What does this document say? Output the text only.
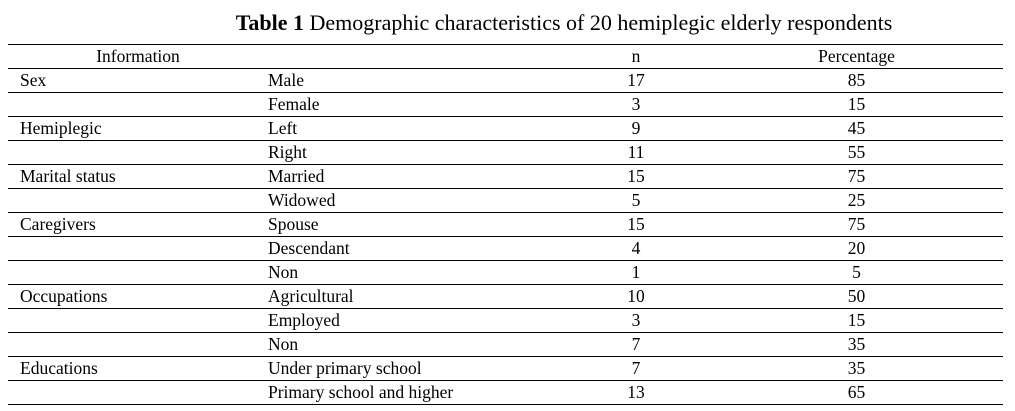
Table 1 Demographic characteristics of 20 hemiplegic elderly respondents
Information		n	Percentage
Sex	Male	17	85
	Female	3	15
Hemiplegic	Left	9	45
	Right	11	55
Marital status	Married	15	75
	Widowed	5	25
Caregivers	Spouse	15	75
	Descendant	4	20
	Non	1	5
Occupations	Agricultural	10	50
	Employed	3	15
	Non	7	35
Educations	Under primary school	7	35
	Primary school and higher	13	65
